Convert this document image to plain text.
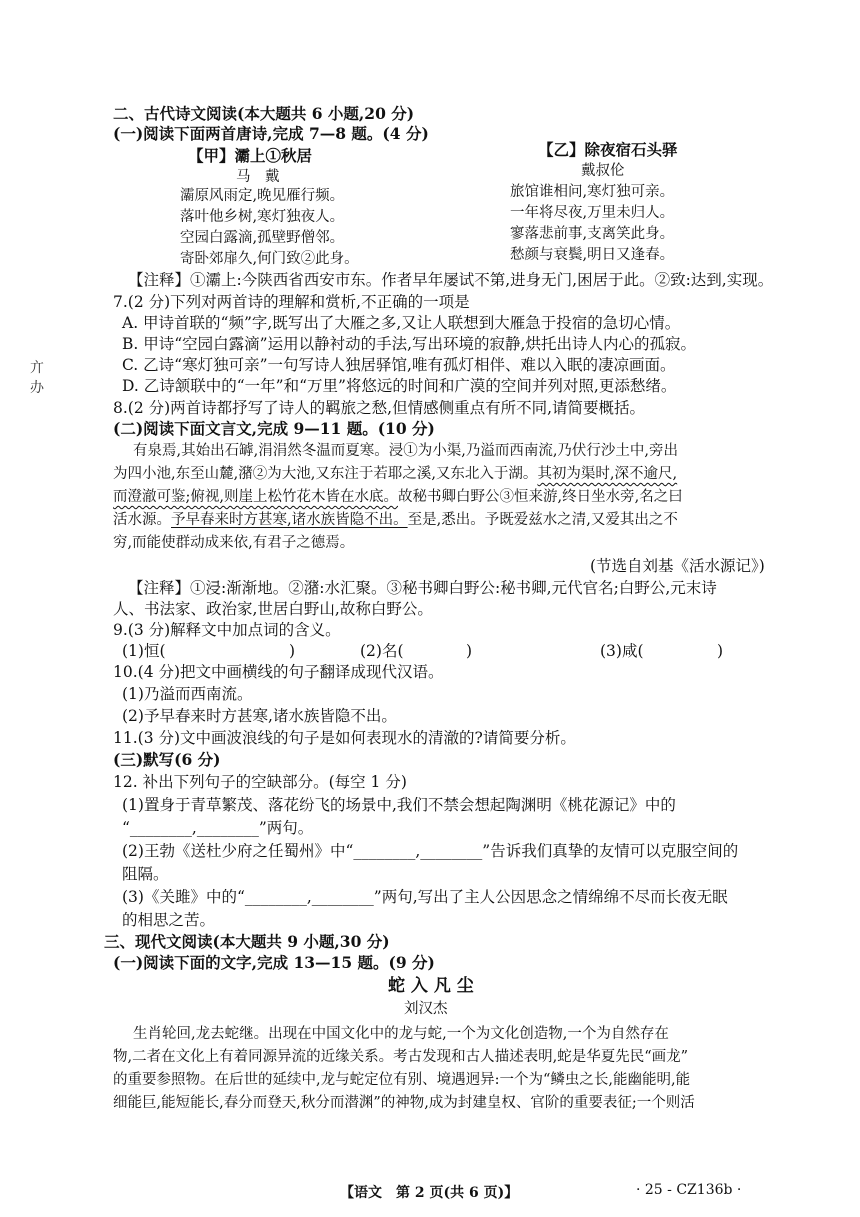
二、古代诗文阅读(本大题共 6 小题,20 分)
(一)阅读下面两首唐诗,完成 7—8 题。(4 分)
【甲】灞上①秋居
马　戴
灞原风雨定,晚见雁行频。
落叶他乡树,寒灯独夜人。
空园白露滴,孤壁野僧邻。
寄卧郊扉久,何门致②此身。
【乙】除夜宿石头驿
戴叔伦
旅馆谁相问,寒灯独可亲。
一年将尽夜,万里未归人。
寥落悲前事,支离笑此身。
愁颜与衰鬓,明日又逢春。
【注释】①灞上:今陕西省西安市东。作者早年屡试不第,进身无门,困居于此。②致:达到,实现。
7.(2 分)下列对两首诗的理解和赏析,不正确的一项是
A. 甲诗首联的“频”字,既写出了大雁之多,又让人联想到大雁急于投宿的急切心情。
B. 甲诗“空园白露滴”运用以静衬动的手法,写出环境的寂静,烘托出诗人内心的孤寂。
C. 乙诗“寒灯独可亲”一句写诗人独居驿馆,唯有孤灯相伴、难以入眠的凄凉画面。
D. 乙诗颔联中的“一年”和“万里”将悠远的时间和广漠的空间并列对照,更添愁绪。
亣
办
8.(2 分)两首诗都抒写了诗人的羁旅之愁,但情感侧重点有所不同,请简要概括。
(二)阅读下面文言文,完成 9—11 题。(10 分)
有泉焉,其始出石罅,涓涓然冬温而夏寒。浸①为小渠,乃溢而西南流,乃伏行沙土中,旁出
为四小池,东至山麓,潴②为大池,又东注于若耶之溪,又东北入于湖。其初为渠时,深不逾尺,
而澄澈可鉴;俯视,则崖上松竹花木皆在水底。故秘书卿白野公③恒来游,终日坐水旁,名之曰
活水源。予早春来时方甚寒,诸水族皆隐不出。至是,悉出。予既爱兹水之清,又爱其出之不
穷,而能使群动成来依,有君子之德焉。
(节选自刘基《活水源记》)
【注释】①浸:渐渐地。②潴:水汇聚。③秘书卿白野公:秘书卿,元代官名;白野公,元末诗
人、书法家、政治家,世居白野山,故称白野公。
9.(3 分)解释文中加点词的含义。
(1)恒(	)	(2)名(	)	(3)咸(	)
10.(4 分)把文中画横线的句子翻译成现代汉语。
(1)乃溢而西南流。
(2)予早春来时方甚寒,诸水族皆隐不出。
11.(3 分)文中画波浪线的句子是如何表现水的清澈的?请简要分析。
(三)默写(6 分)
12. 补出下列句子的空缺部分。(每空 1 分)
(1)置身于青草繁茂、落花纷飞的场景中,我们不禁会想起陶渊明《桃花源记》中的
“________,________”两句。
(2)王勃《送杜少府之任蜀州》中“________,________”告诉我们真挚的友情可以克服空间的
阻隔。
(3)《关雎》中的“________,________”两句,写出了主人公因思念之情绵绵不尽而长夜无眠
的相思之苦。
三、现代文阅读(本大题共 9 小题,30 分)
(一)阅读下面的文字,完成 13—15 题。(9 分)
蛇 入 凡 尘
刘汉杰
生肖轮回,龙去蛇继。出现在中国文化中的龙与蛇,一个为文化创造物,一个为自然存在
物,二者在文化上有着同源异流的近缘关系。考古发现和古人描述表明,蛇是华夏先民“画龙”
的重要参照物。在后世的延续中,龙与蛇定位有别、境遇迥异:一个为“鳞虫之长,能幽能明,能
细能巨,能短能长,春分而登天,秋分而潜渊”的神物,成为封建皇权、官阶的重要表征;一个则活
【语文　第 2 页(共 6 页)】	· 25 - CZ136b ·
